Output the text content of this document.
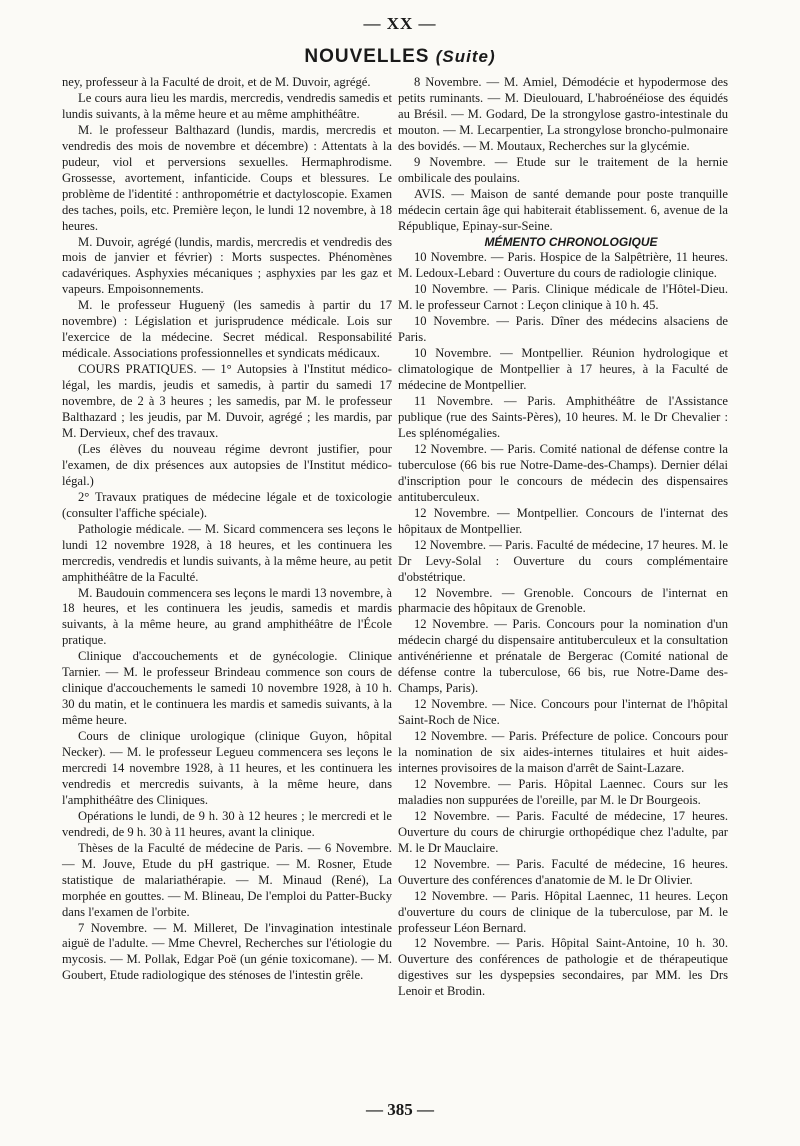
— XX —
NOUVELLES (Suite)

ney, professeur à la Faculté de droit, et de M. Duvoir, agrégé.

Le cours aura lieu les mardis, mercredis, vendredis samedis et lundis suivants, à la même heure et au même amphithéâtre.

M. le professeur Balthazard (lundis, mardis, mercredis et vendredis des mois de novembre et décembre) : Attentats à la pudeur, viol et perversions sexuelles. Hermaphrodisme. Grossesse, avortement, infanticide. Coups et blessures. Le problème de l'identité : anthropométrie et dactyloscopie. Examen des taches, poils, etc. Première leçon, le lundi 12 novembre, à 18 heures.

M. Duvoir, agrégé (lundis, mardis, mercredis et vendredis des mois de janvier et février) : Morts suspectes. Phénomènes cadavériques. Asphyxies mécaniques ; asphyxies par les gaz et vapeurs. Empoisonnements.

M. le professeur Huguenÿ (les samedis à partir du 17 novembre) : Législation et jurisprudence médicale. Lois sur l'exercice de la médecine. Secret médical. Responsabilité médicale. Associations professionnelles et syndicats médicaux.

COURS PRATIQUES. — 1° Autopsies à l'Institut médico-légal, les mardis, jeudis et samedis, à partir du samedi 17 novembre, de 2 à 3 heures ; les samedis, par M. le professeur Balthazard ; les jeudis, par M. Duvoir, agrégé ; les mardis, par M. Dervieux, chef des travaux.

(Les élèves du nouveau régime devront justifier, pour l'examen, de dix présences aux autopsies de l'Institut médico-légal.)

2° Travaux pratiques de médecine légale et de toxicologie (consulter l'affiche spéciale).

Pathologie médicale. — M. Sicard commencera ses leçons le lundi 12 novembre 1928, à 18 heures, et les continuera les mercredis, vendredis et lundis suivants, à la même heure, au petit amphithéâtre de la Faculté.

M. Baudouin commencera ses leçons le mardi 13 novembre, à 18 heures, et les continuera les jeudis, samedis et mardis suivants, à la même heure, au grand amphithéâtre de l'École pratique.

Clinique d'accouchements et de gynécologie. Clinique Tarnier. — M. le professeur Brindeau commence son cours de clinique d'accouchements le samedi 10 novembre 1928, à 10 h. 30 du matin, et le continuera les mardis et samedis suivants, à la même heure.

Cours de clinique urologique (clinique Guyon, hôpital Necker). — M. le professeur Legueu commencera ses leçons le mercredi 14 novembre 1928, à 11 heures, et les continuera les vendredis et mercredis suivants, à la même heure, dans l'amphithéâtre des Cliniques.

Opérations le lundi, de 9 h. 30 à 12 heures ; le mercredi et le vendredi, de 9 h. 30 à 11 heures, avant la clinique.

Thèses de la Faculté de médecine de Paris. — 6 Novembre. — M. Jouve, Etude du pH gastrique. — M. Rosner, Etude statistique de malariathérapie. — M. Minaud (René), La morphée en gouttes. — M. Blineau, De l'emploi du Patter-Bucky dans l'examen de l'orbite.

7 Novembre. — M. Milleret, De l'invagination intestinale aiguë de l'adulte. — Mme Chevrel, Recherches sur l'étiologie du mycosis. — M. Pollak, Edgar Poë (un génie toxicomane). — M. Goubert, Etude radiologique des sténoses de l'intestin grêle.

8 Novembre. — M. Amiel, Démodécie et hypodermose des petits ruminants. — M. Dieulouard, L'habroénéiose des équidés au Brésil. — M. Godard, De la strongylose gastro-intestinale du mouton. — M. Lecarpentier, La strongylose broncho-pulmonaire des bovidés. — M. Moutaux, Recherches sur la glycémie.

9 Novembre. — Etude sur le traitement de la hernie ombilicale des poulains.

AVIS. — Maison de santé demande pour poste tranquille médecin certain âge qui habiterait établissement. 6, avenue de la République, Epinay-sur-Seine.

MÉMENTO CHRONOLOGIQUE

10 Novembre. — Paris. Hospice de la Salpêtrière, 11 heures. M. Ledoux-Lebard : Ouverture du cours de radiologie clinique.

10 Novembre. — Paris. Clinique médicale de l'Hôtel-Dieu. M. le professeur Carnot : Leçon clinique à 10 h. 45.

10 Novembre. — Paris. Dîner des médecins alsaciens de Paris.

10 Novembre. — Montpellier. Réunion hydrologique et climatologique de Montpellier à 17 heures, à la Faculté de médecine de Montpellier.

11 Novembre. — Paris. Amphithéâtre de l'Assistance publique (rue des Saints-Pères), 10 heures. M. le Dr Chevalier : Les splénomégalies.

12 Novembre. — Paris. Comité national de défense contre la tuberculose (66 bis rue Notre-Dame-des-Champs). Dernier délai d'inscription pour le concours de médecin des dispensaires antituberculeux.

12 Novembre. — Montpellier. Concours de l'internat des hôpitaux de Montpellier.

12 Novembre. — Paris. Faculté de médecine, 17 heures. M. le Dr Levy-Solal : Ouverture du cours complémentaire d'obstétrique.

12 Novembre. — Grenoble. Concours de l'internat en pharmacie des hôpitaux de Grenoble.

12 Novembre. — Paris. Concours pour la nomination d'un médecin chargé du dispensaire antituberculeux et la consultation antivénérienne et prénatale de Bergerac (Comité national de défense contre la tuberculose, 66 bis, rue Notre-Dame des-Champs, Paris).

12 Novembre. — Nice. Concours pour l'internat de l'hôpital Saint-Roch de Nice.

12 Novembre. — Paris. Préfecture de police. Concours pour la nomination de six aides-internes titulaires et huit aides-internes provisoires de la maison d'arrêt de Saint-Lazare.

12 Novembre. — Paris. Hôpital Laennec. Cours sur les maladies non suppurées de l'oreille, par M. le Dr Bourgeois.

12 Novembre. — Paris. Faculté de médecine, 17 heures. Ouverture du cours de chirurgie orthopédique chez l'adulte, par M. le Dr Mauclaire.

12 Novembre. — Paris. Faculté de médecine, 16 heures. Ouverture des conférences d'anatomie de M. le Dr Olivier.

12 Novembre. — Paris. Hôpital Laennec, 11 heures. Leçon d'ouverture du cours de clinique de la tuberculose, par M. le professeur Léon Bernard.

12 Novembre. — Paris. Hôpital Saint-Antoine, 10 h. 30. Ouverture des conférences de pathologie et de thérapeutique digestives sur les dyspepsies secondaires, par MM. les Drs Lenoir et Brodin.

— 385 —
